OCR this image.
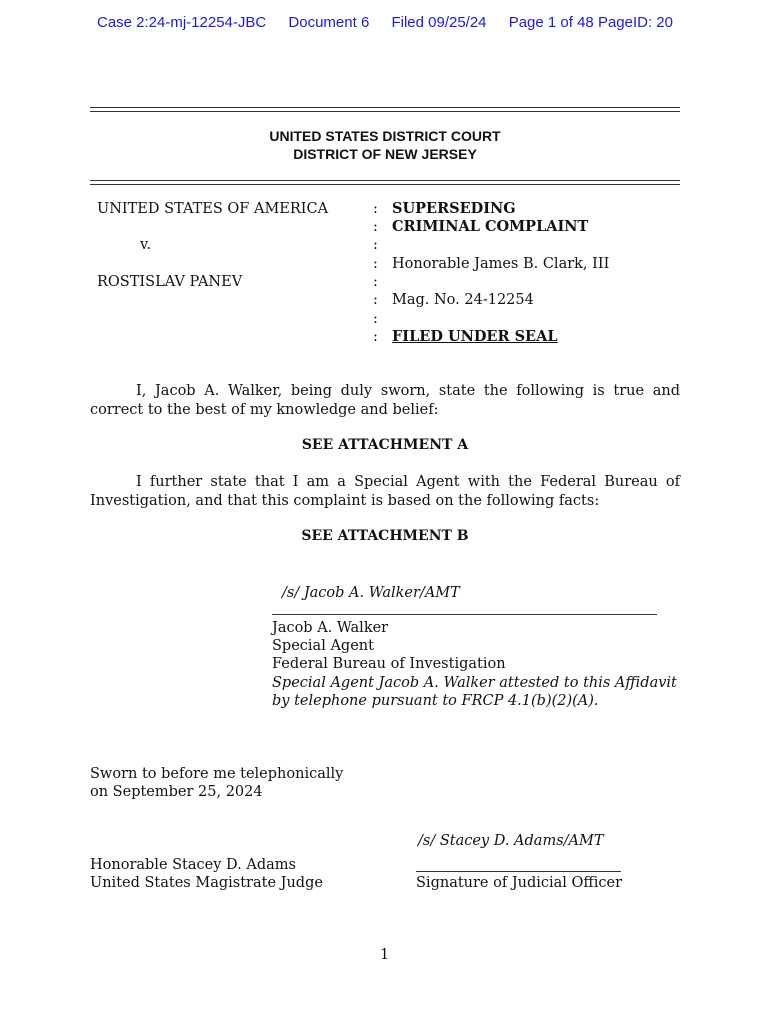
Case 2:24-mj-12254-JBC Document 6 Filed 09/25/24 Page 1 of 48 PageID: 20
UNITED STATES DISTRICT COURT
DISTRICT OF NEW JERSEY
UNITED STATES OF AMERICA
v.
ROSTISLAV PANEV
:
:
:
:
:
:
:
:
SUPERSEDING
CRIMINAL COMPLAINT
Honorable James B. Clark, III
Mag. No. 24-12254
FILED UNDER SEAL
I, Jacob A. Walker, being duly sworn, state the following is true and correct to the best of my knowledge and belief:
SEE ATTACHMENT A
I further state that I am a Special Agent with the Federal Bureau of Investigation, and that this complaint is based on the following facts:
SEE ATTACHMENT B
/s/ Jacob A. Walker/AMT
Jacob A. Walker
Special Agent
Federal Bureau of Investigation
Special Agent Jacob A. Walker attested to this Affidavit
by telephone pursuant to FRCP 4.1(b)(2)(A).
Sworn to before me telephonically
on September 25, 2024
/s/ Stacey D. Adams/AMT
Honorable Stacey D. Adams
United States Magistrate Judge	Signature of Judicial Officer
1
